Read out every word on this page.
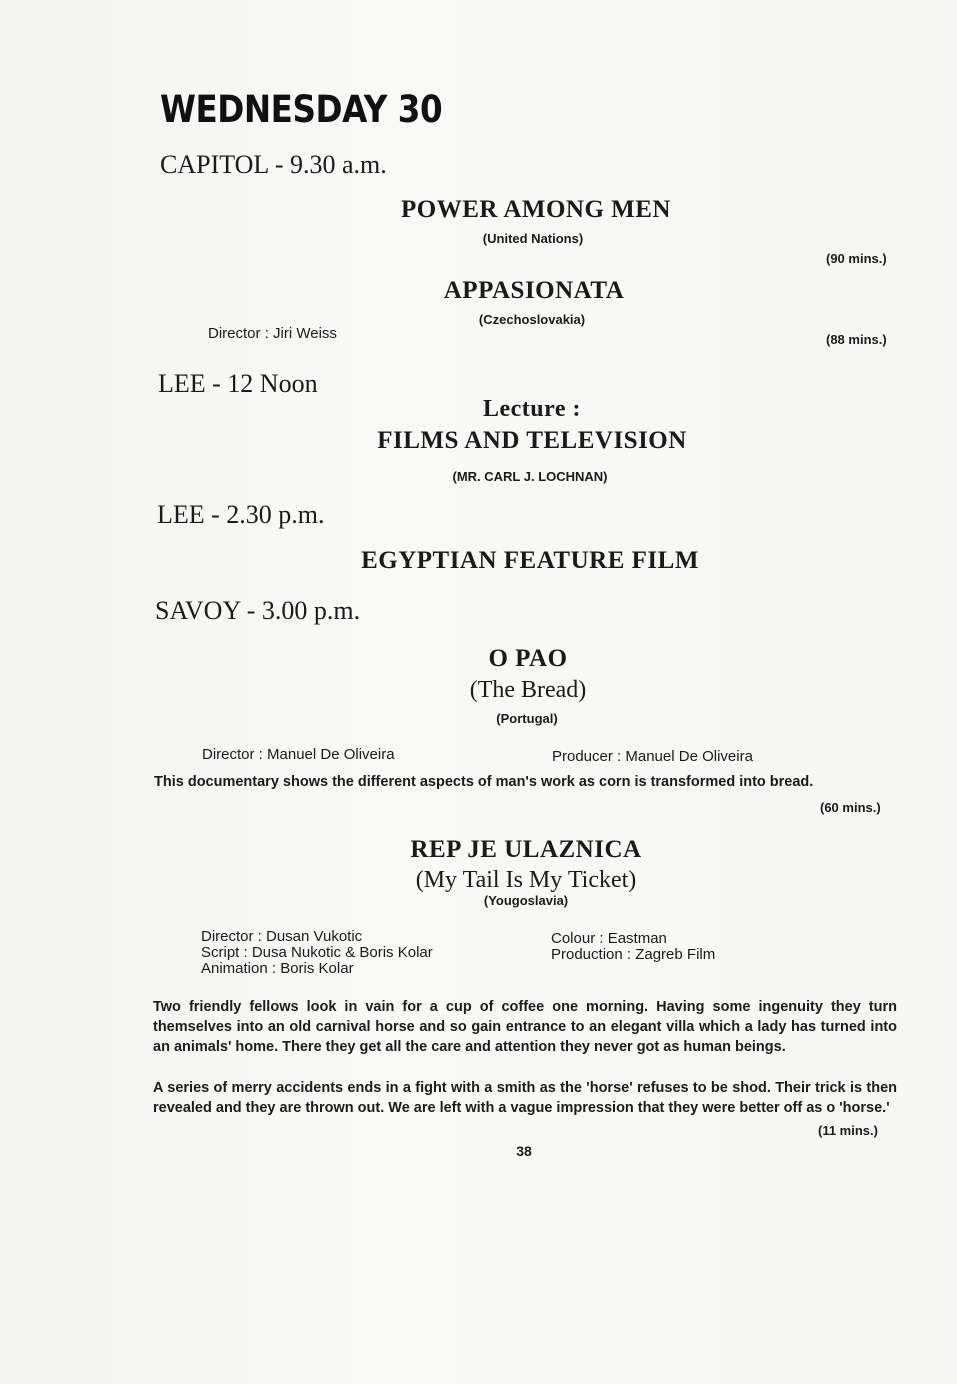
WEDNESDAY 30
CAPITOL - 9.30 a.m.
POWER AMONG MEN
(United Nations)
(90 mins.)
APPASIONATA
(Czechoslovakia)
Director : Jiri Weiss	(88 mins.)
LEE - 12 Noon
Lecture :
FILMS AND TELEVISION
(MR. CARL J. LOCHNAN)
LEE - 2.30 p.m.
EGYPTIAN FEATURE FILM
SAVOY - 3.00 p.m.
O PAO
(The Bread)
(Portugal)
Director : Manuel De Oliveira	Producer : Manuel De Oliveira
This documentary shows the different aspects of man's work as corn is transformed into bread.
(60 mins.)
REP JE ULAZNICA
(My Tail Is My Ticket)
(Yougoslavia)
Director : Dusan Vukotic
Script : Dusa Nukotic & Boris Kolar
Animation : Boris Kolar
Colour : Eastman
Production : Zagreb Film
Two friendly fellows look in vain for a cup of coffee one morning. Having some ingenuity they turn themselves into an old carnival horse and so gain entrance to an elegant villa which a lady has turned into an animals' home. There they get all the care and attention they never got as human beings.
A series of merry accidents ends in a fight with a smith as the 'horse' refuses to be shod. Their trick is then revealed and they are thrown out. We are left with a vague impression that they were better off as o 'horse.'
(11 mins.)
38
